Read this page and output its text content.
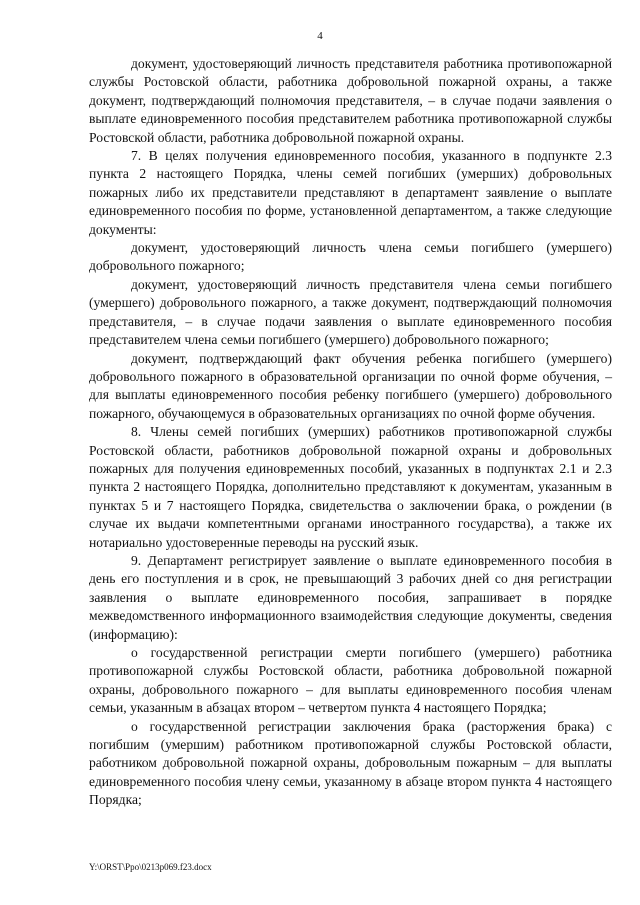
4

документ, удостоверяющий личность представителя работника противопожарной службы Ростовской области, работника добровольной пожарной охраны, а также документ, подтверждающий полномочия представителя, – в случае подачи заявления о выплате единовременного пособия представителем работника противопожарной службы Ростовской области, работника добровольной пожарной охраны.

7. В целях получения единовременного пособия, указанного в подпункте 2.3 пункта 2 настоящего Порядка, члены семей погибших (умерших) добровольных пожарных либо их представители представляют в департамент заявление о выплате единовременного пособия по форме, установленной департаментом, а также следующие документы:

документ, удостоверяющий личность члена семьи погибшего (умершего) добровольного пожарного;

документ, удостоверяющий личность представителя члена семьи погибшего (умершего) добровольного пожарного, а также документ, подтверждающий полномочия представителя, – в случае подачи заявления о выплате единовременного пособия представителем члена семьи погибшего (умершего) добровольного пожарного;

документ, подтверждающий факт обучения ребенка погибшего (умершего) добровольного пожарного в образовательной организации по очной форме обучения, – для выплаты единовременного пособия ребенку погибшего (умершего) добровольного пожарного, обучающемуся в образовательных организациях по очной форме обучения.

8. Члены семей погибших (умерших) работников противопожарной службы Ростовской области, работников добровольной пожарной охраны и добровольных пожарных для получения единовременных пособий, указанных в подпунктах 2.1 и 2.3 пункта 2 настоящего Порядка, дополнительно представляют к документам, указанным в пунктах 5 и 7 настоящего Порядка, свидетельства о заключении брака, о рождении (в случае их выдачи компетентными органами иностранного государства), а также их нотариально удостоверенные переводы на русский язык.

9. Департамент регистрирует заявление о выплате единовременного пособия в день его поступления и в срок, не превышающий 3 рабочих дней со дня регистрации заявления о выплате единовременного пособия, запрашивает в порядке межведомственного информационного взаимодействия следующие документы, сведения (информацию):

о государственной регистрации смерти погибшего (умершего) работника противопожарной службы Ростовской области, работника добровольной пожарной охраны, добровольного пожарного – для выплаты единовременного пособия членам семьи, указанным в абзацах втором – четвертом пункта 4 настоящего Порядка;

о государственной регистрации заключения брака (расторжения брака) с погибшим (умершим) работником противопожарной службы Ростовской области, работником добровольной пожарной охраны, добровольным пожарным – для выплаты единовременного пособия члену семьи, указанному в абзаце втором пункта 4 настоящего Порядка;

Y:\ORST\Ppo\0213p069.f23.docx
